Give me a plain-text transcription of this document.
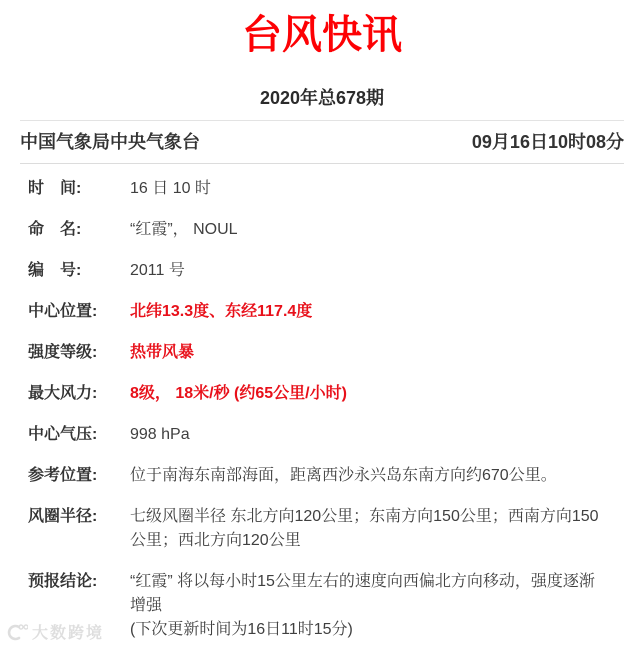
台风快讯
2020年总678期
中国气象局中央气象台	09月16日10时08分
时　间:	16 日 10 时
命　名:	“红霞”， NOUL
编　号:	2011 号
中心位置:	北纬13.3度、东经117.4度
强度等级:	热带风暴
最大风力:	8级， 18米/秒 (约65公里/小时)
中心气压:	998 hPa
参考位置:	位于南海东南部海面，距离西沙永兴岛东南方向约670公里。
风圈半径:	七级风圈半径 东北方向120公里；东南方向150公里；西南方向150 公里；西北方向120公里
预报结论:	“红霞” 将以每小时15公里左右的速度向西偏北方向移动，强度逐渐增强
(下次更新时间为16日11时15分)
大数跨境
